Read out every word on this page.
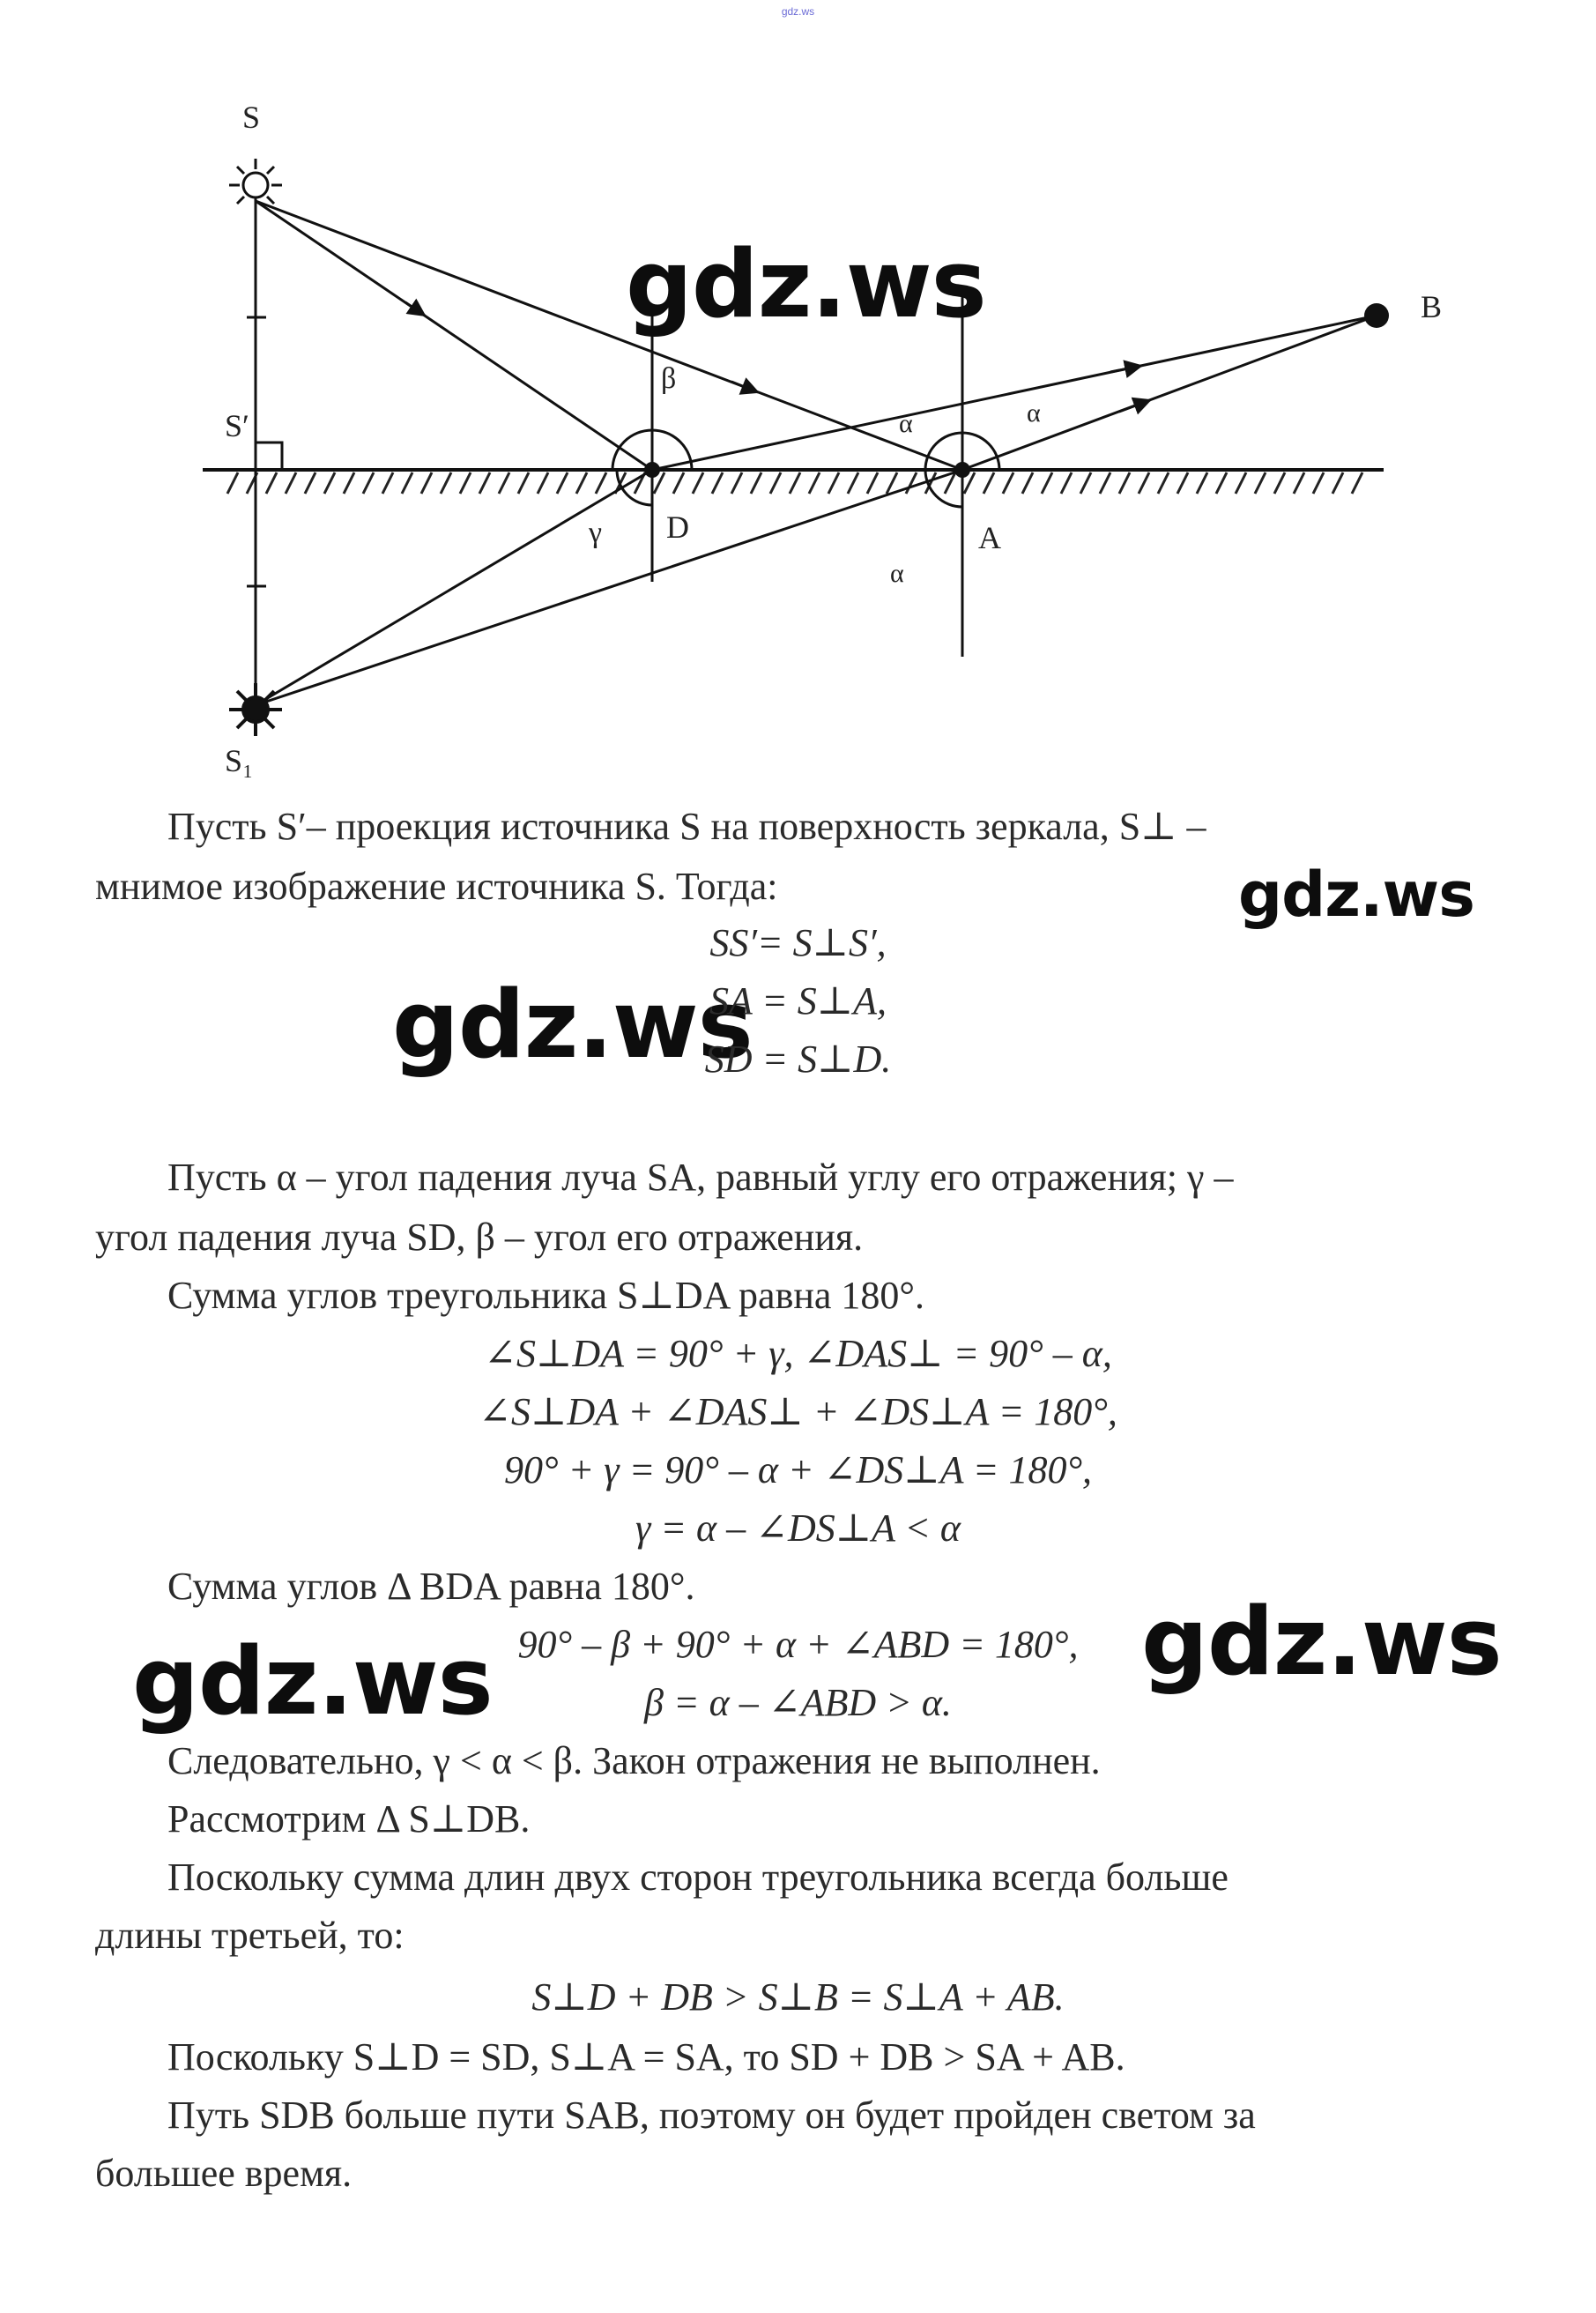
gdz.ws
S
S′
S₁
B
D	A
β
γ
α	α
α
gdz.ws
gdz.ws
gdz.ws
gdz.ws
gdz.ws
Пусть S′– проекция источника S на поверхность зеркала, S⊥ –
мнимое изображение источника S. Тогда:
SS′= S⊥S′,
SA = S⊥A,
SD = S⊥D.
Пусть α – угол падения луча SA, равный углу его отражения; γ –
угол падения луча SD, β – угол его отражения.
Сумма углов треугольника S⊥DA равна 180°.
∠S⊥DA = 90° + γ, ∠DAS⊥ = 90° – α,
∠S⊥DA + ∠DAS⊥ + ∠DS⊥A = 180°,
90° + γ = 90° – α + ∠DS⊥A = 180°,
γ = α – ∠DS⊥A < α
Сумма углов Δ BDA равна 180°.
90° – β + 90° + α + ∠ABD = 180°,
β = α – ∠ABD > α.
Следовательно, γ < α < β. Закон отражения не выполнен.
Рассмотрим Δ S⊥DB.
Поскольку сумма длин двух сторон треугольника всегда больше
длины третьей, то:
S⊥D + DB > S⊥B = S⊥A + AB.
Поскольку S⊥D = SD, S⊥A = SA, то SD + DB > SA + AB.
Путь SDB больше пути SAB, поэтому он будет пройден светом за
большее время.
